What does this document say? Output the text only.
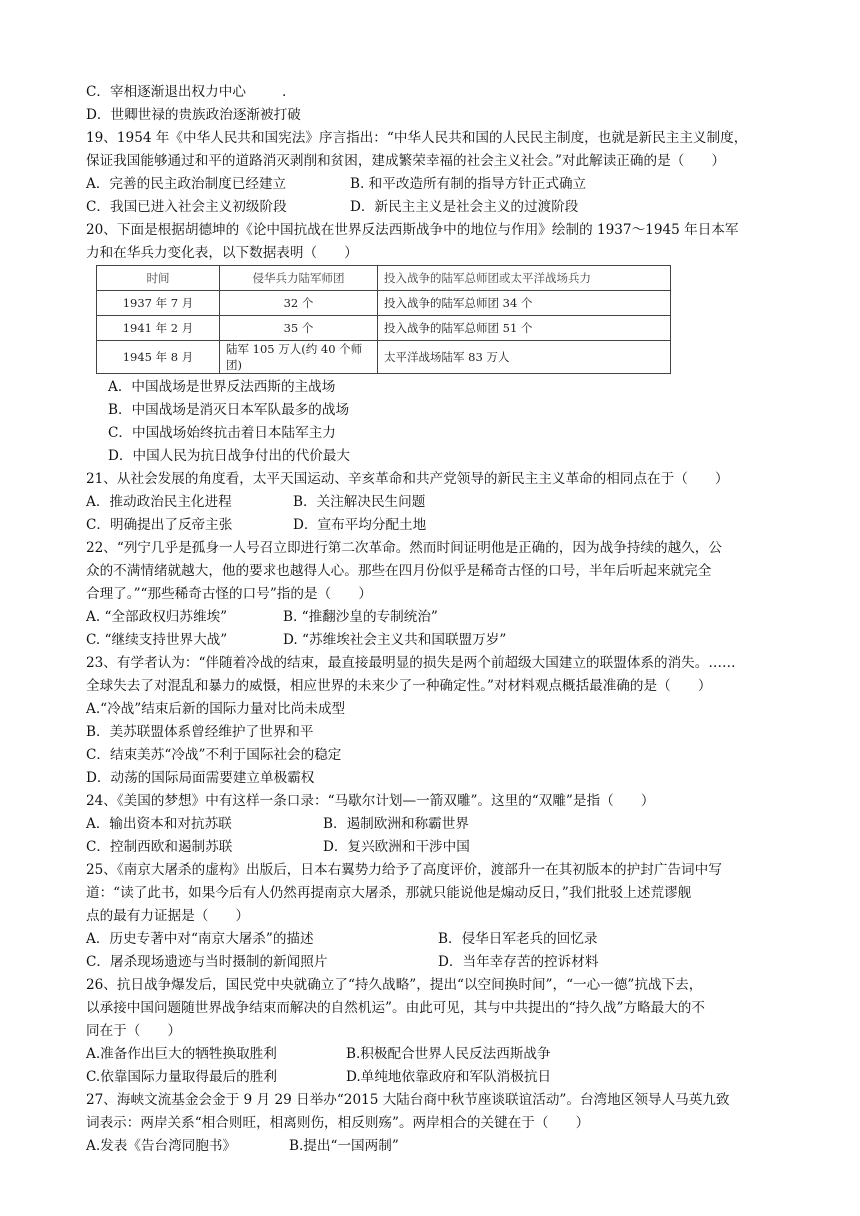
C．宰相逐渐退出权力中心	.
D．世卿世禄的贵族政治逐渐被打破
19、1954 年《中华人民共和国宪法》序言指出：“中华人民共和国的人民民主制度，也就是新民主主义制度，
保证我国能够通过和平的道路消灭剥削和贫困，建成繁荣幸福的社会主义社会。”对此解读正确的是（　　）
A．完善的民主政治制度已经建立	B. 和平改造所有制的指导方针正式确立
C．我国已进入社会主义初级阶段	D．新民主主义是社会主义的过渡阶段
20、下面是根据胡德坤的《论中国抗战在世界反法西斯战争中的地位与作用》绘制的 1937～1945 年日本军
力和在华兵力变化表，以下数据表明（　　）
时间	侵华兵力陆军师团	投入战争的陆军总师团或太平洋战场兵力
1937 年 7 月	32 个	投入战争的陆军总师团 34 个
1941 年 2 月	35 个	投入战争的陆军总师团 51 个
1945 年 8 月	陆军 105 万人(约 40 个师团)	太平洋战场陆军 83 万人
A．中国战场是世界反法西斯的主战场
B．中国战场是消灭日本军队最多的战场
C．中国战场始终抗击着日本陆军主力
D．中国人民为抗日战争付出的代价最大
21、从社会发展的角度看，太平天国运动、辛亥革命和共产党领导的新民主主义革命的相同点在于（　　）
A．推动政治民主化进程	B．关注解决民生问题
C．明确提出了反帝主张	D．宣布平均分配土地
22、“列宁几乎是孤身一人号召立即进行第二次革命。然而时间证明他是正确的，因为战争持续的越久，公
众的不满情绪就越大，他的要求也越得人心。那些在四月份似乎是稀奇古怪的口号，半年后听起来就完全
合理了。”“那些稀奇古怪的口号”指的是（　　）
A. “全部政权归苏维埃”	B. “推翻沙皇的专制统治”
C. “继续支持世界大战”	D. “苏维埃社会主义共和国联盟万岁”
23、有学者认为：“伴随着冷战的结束，最直接最明显的损失是两个前超级大国建立的联盟体系的消失。……
全球失去了对混乱和暴力的威慑，相应世界的未来少了一种确定性。”对材料观点概括最准确的是（　　）
A.“冷战”结束后新的国际力量对比尚未成型
B．美苏联盟体系曾经维护了世界和平
C．结束美苏“冷战”不利于国际社会的稳定
D．动荡的国际局面需要建立单极霸权
24、《美国的梦想》中有这样一条口录：“马歇尔计划—一箭双雕”。这里的“双雕”是指（　　）
A．输出资本和对抗苏联	B．遏制欧洲和称霸世界
C．控制西欧和遏制苏联	D．复兴欧洲和干涉中国
25、《南京大屠杀的虚构》出版后，日本右翼势力给予了高度评价，渡部升一在其初版本的护封广告词中写
道：“读了此书，如果今后有人仍然再提南京大屠杀，那就只能说他是煽动反日，”我们批驳上述荒谬舰
点的最有力证据是（　　）
A．历史专著中对“南京大屠杀”的描述	B．侵华日军老兵的回忆录
C．屠杀现场遗迹与当时摄制的新闻照片	D．当年幸存苦的控诉材料
26、抗日战争爆发后，国民党中央就确立了“持久战略”，提出“以空间换时间”，“一心一德”抗战下去，
以承接中国问题随世界战争结束而解决的自然机运”。由此可见，其与中共提出的“持久战”方略最大的不
同在于（　　）
A.准备作出巨大的牺牲换取胜利	B.积极配合世界人民反法西斯战争
C.依靠国际力量取得最后的胜利	D.单纯地依靠政府和军队消极抗日
27、海峡文流基金会金于 9 月 29 日举办“2015 大陆台商中秋节座谈联谊活动”。台湾地区领导人马英九致
词表示：两岸关系“相合则旺，相离则伤，相反则殇”。两岸相合的关键在于（　　）
A.发表《告台湾同胞书》	B.提出“一国两制”
